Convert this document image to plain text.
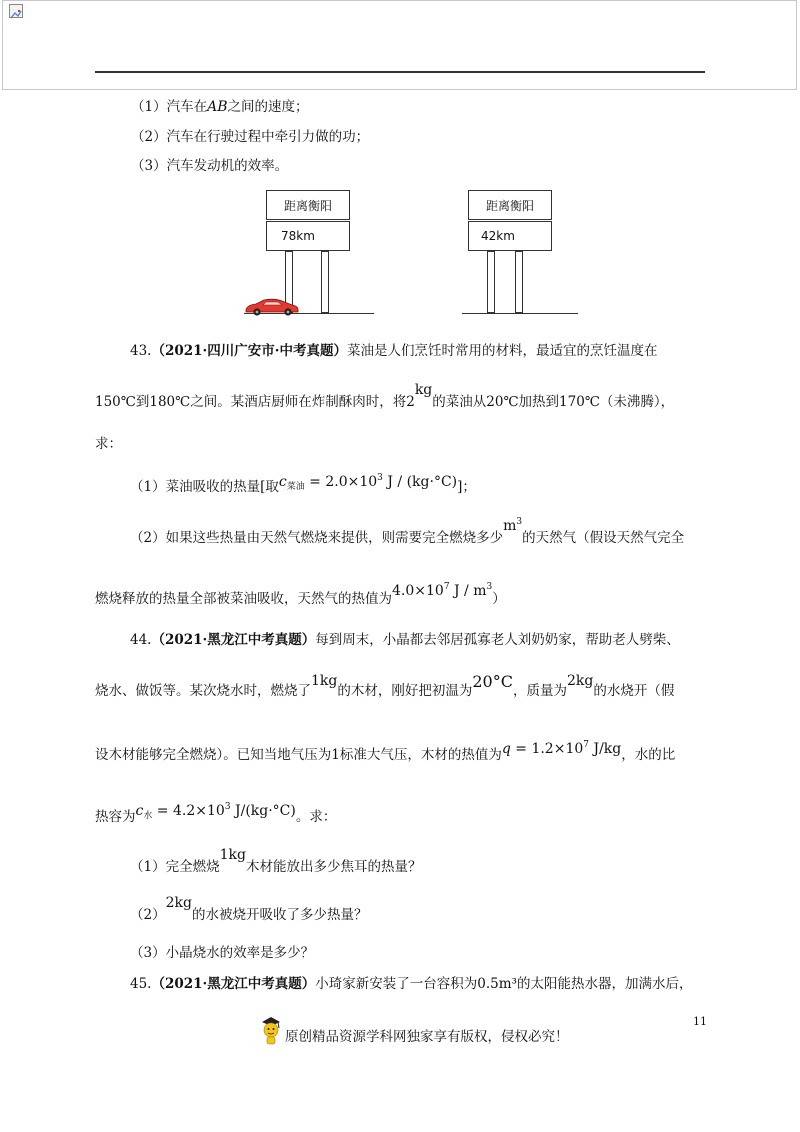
（1）汽车在AB之间的速度；
（2）汽车在行驶过程中牵引力做的功；
（3）汽车发动机的效率。
距离衡阳
78km
距离衡阳
42km
43.（2021·四川广安市·中考真题）菜油是人们烹饪时常用的材料，最适宜的烹饪温度在
150℃到180℃之间。某酒店厨师在炸制酥肉时，将2kg的菜油从20℃加热到170℃（未沸腾），
求：
（1）菜油吸收的热量[取$c_{菜油} = 2.0\times 10^3$ J / (kg·°C)]；
（2）如果这些热量由天然气燃烧来提供，则需要完全燃烧多少$m^3$的天然气（假设天然气完全
燃烧释放的热量全部被菜油吸收，天然气的热值为$4.0\times 10^7$ J / $m^3$）
44.（2021·黑龙江中考真题）每到周末，小晶都去邻居孤寡老人刘奶奶家，帮助老人劈柴、
烧水、做饭等。某次烧水时，燃烧了1kg的木材，刚好把初温为20°C，质量为2kg的水烧开（假
设木材能够完全燃烧）。已知当地气压为1标准大气压，木材的热值为$q = 1.2\times 10^7$ J/kg，水的比
热容为$c_水 = 4.2\times 10^3$ J/(kg·°C)。求：
（1）完全燃烧1kg木材能放出多少焦耳的热量？
（2）2kg的水被烧开吸收了多少热量？
（3）小晶烧水的效率是多少？
45.（2021·黑龙江中考真题）小琦家新安装了一台容积为0.5m³的太阳能热水器，加满水后，
11
原创精品资源学科网独家享有版权，侵权必究！
